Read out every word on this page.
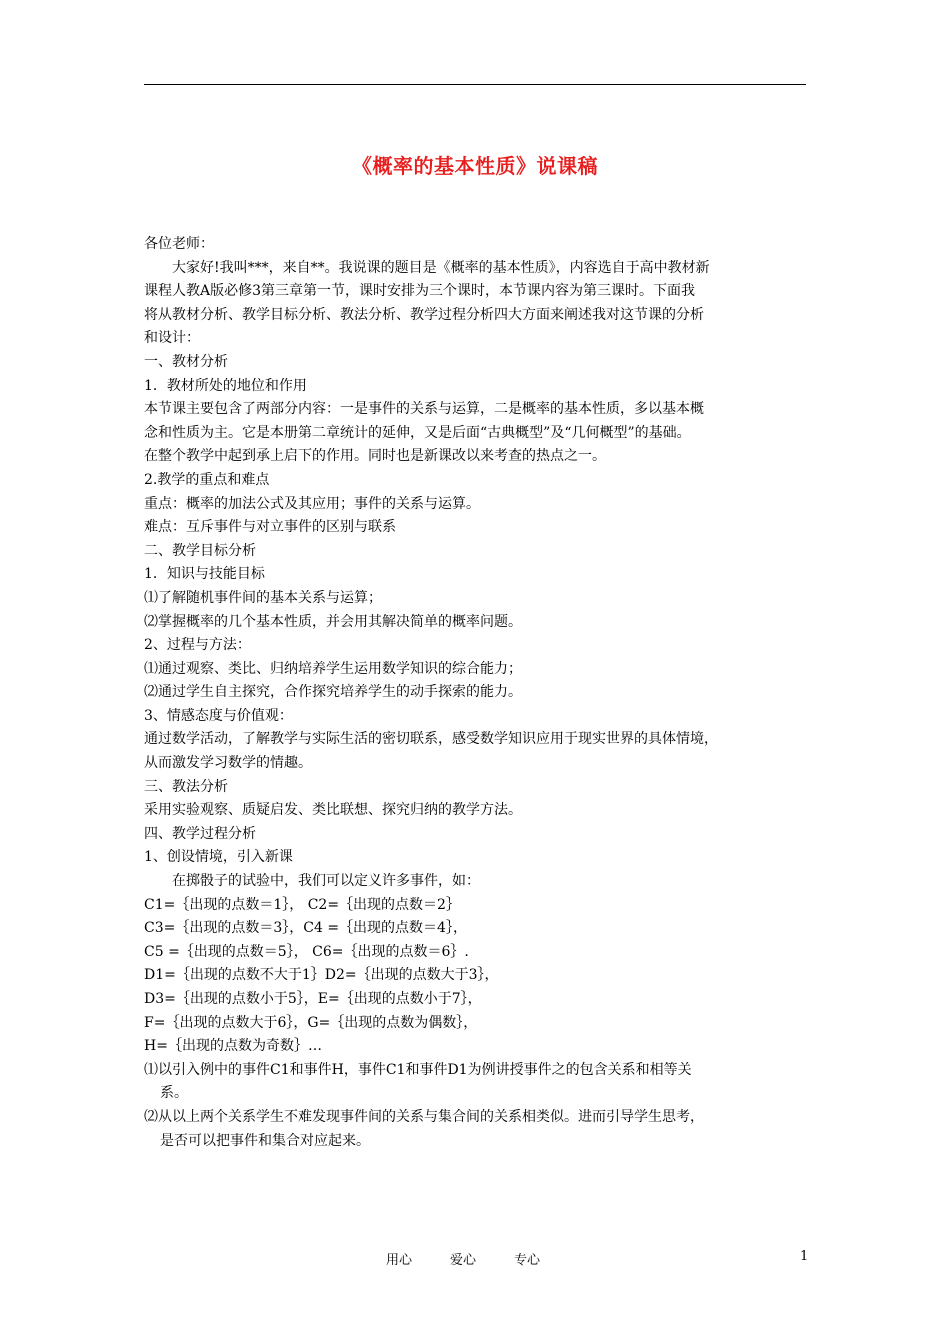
《概率的基本性质》说课稿
各位老师：
大家好!我叫***，来自**。我说课的题目是《概率的基本性质》，内容选自于高中教材新
课程人教A版必修3第三章第一节，课时安排为三个课时，本节课内容为第三课时。下面我
将从教材分析、教学目标分析、教法分析、教学过程分析四大方面来阐述我对这节课的分析
和设计：
一、教材分析
1．教材所处的地位和作用
本节课主要包含了两部分内容：一是事件的关系与运算，二是概率的基本性质，多以基本概
念和性质为主。它是本册第二章统计的延伸，又是后面“古典概型”及“几何概型”的基础。
在整个教学中起到承上启下的作用。同时也是新课改以来考查的热点之一。
2.教学的重点和难点
重点：概率的加法公式及其应用；事件的关系与运算。
难点：互斥事件与对立事件的区别与联系
二、教学目标分析
1．知识与技能目标
⑴了解随机事件间的基本关系与运算；
⑵掌握概率的几个基本性质，并会用其解决简单的概率问题。
2、过程与方法：
⑴通过观察、类比、归纳培养学生运用数学知识的综合能力；
⑵通过学生自主探究，合作探究培养学生的动手探索的能力。
3、情感态度与价值观：
通过数学活动，了解教学与实际生活的密切联系，感受数学知识应用于现实世界的具体情境，
从而激发学习数学的情趣。
三、教法分析
采用实验观察、质疑启发、类比联想、探究归纳的教学方法。
四、教学过程分析
1、创设情境，引入新课
在掷骰子的试验中，我们可以定义许多事件，如：
C1=｛出现的点数＝1｝， C2=｛出现的点数＝2｝
C3=｛出现的点数＝3｝，C4 =｛出现的点数＝4｝，
C5 =｛出现的点数＝5｝， C6=｛出现的点数＝6｝.
D1=｛出现的点数不大于1｝D2=｛出现的点数大于3｝，
D3=｛出现的点数小于5｝，E=｛出现的点数小于7｝，
F=｛出现的点数大于6｝，G=｛出现的点数为偶数｝，
H=｛出现的点数为奇数｝…
⑴以引入例中的事件C1和事件H，事件C1和事件D1为例讲授事件之的包含关系和相等关
系。
⑵从以上两个关系学生不难发现事件间的关系与集合间的关系相类似。进而引导学生思考，
是否可以把事件和集合对应起来。
用心	爱心	专心	1
